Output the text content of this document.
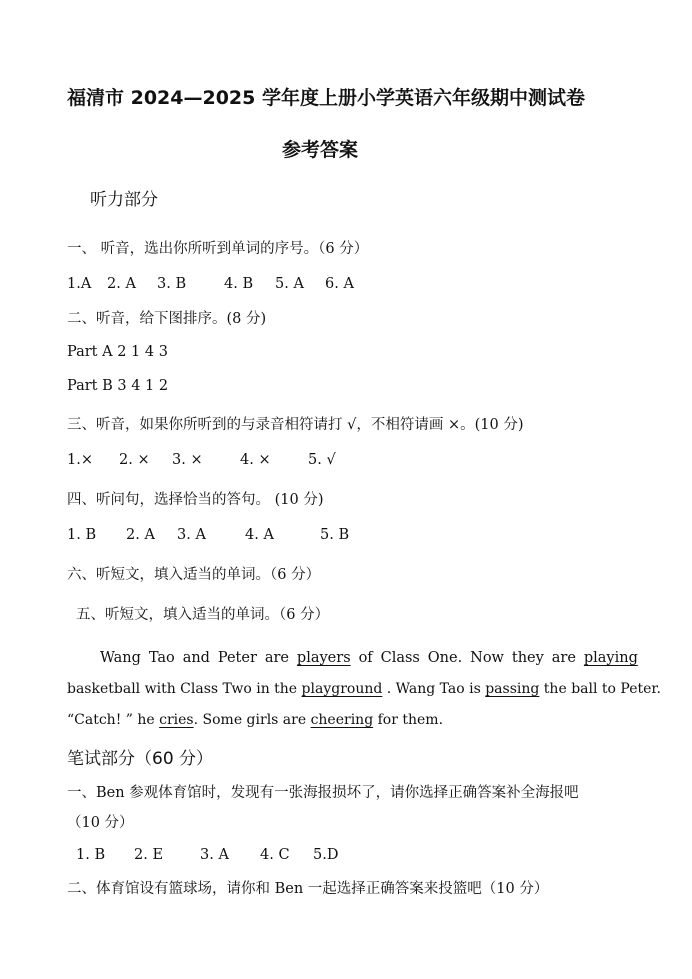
福清市 2024—2025 学年度上册小学英语六年级期中测试卷
参考答案
听力部分
一、 听音，选出你所听到单词的序号。（6 分）
1.A 2. A 3. B	4. B 5. A 6. A
二、听音，给下图排序。(8 分)
Part A 2 1 4 3
Part B 3 4 1 2
三、听音，如果你所听到的与录音相符请打 √，不相符请画 ×。(10 分)
1.× 2. × 3. ×	4. ×	5. √
四、听问句，选择恰当的答句。 (10 分)
1. B 2. A 3. A	4. A	5. B
六、听短文，填入适当的单词。（6 分）
五、听短文，填入适当的单词。（6 分）
Wang Tao and Peter are players of Class One. Now they are playing
basketball with Class Two in the playground . Wang Tao is passing the ball to Peter.
“Catch! ” he cries. Some girls are cheering for them.
笔试部分（60 分）
一、Ben 参观体育馆时，发现有一张海报损坏了，请你选择正确答案补全海报吧
（10 分）
1. B 2. E	3. A 4. C 5.D
二、体育馆设有篮球场，请你和 Ben 一起选择正确答案来投篮吧（10 分）
